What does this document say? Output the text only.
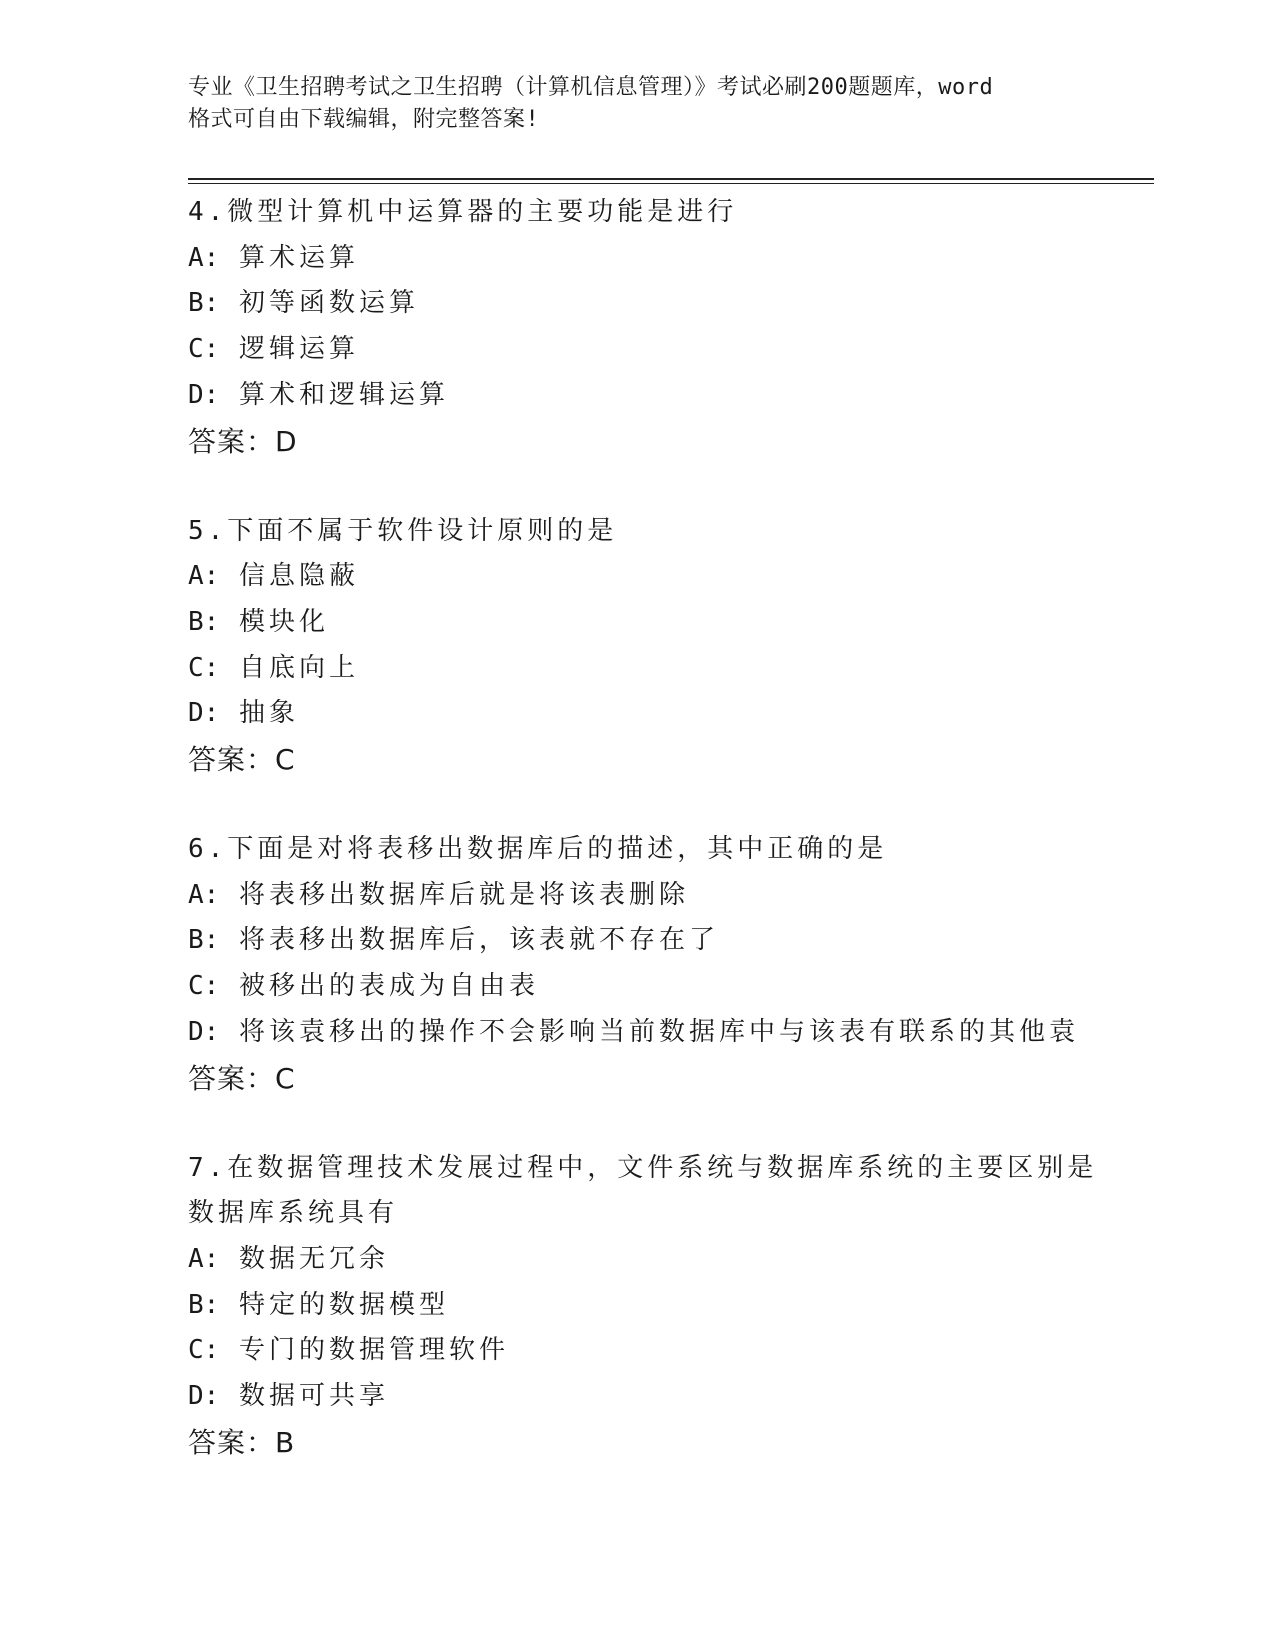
专业《卫生招聘考试之卫生招聘（计算机信息管理）》考试必刷200题题库，word
格式可自由下载编辑，附完整答案!
4.微型计算机中运算器的主要功能是进行
A: 算术运算
B: 初等函数运算
C: 逻辑运算
D: 算术和逻辑运算
答案：D
5.下面不属于软件设计原则的是
A: 信息隐蔽
B: 模块化
C: 自底向上
D: 抽象
答案：C
6.下面是对将表移出数据库后的描述，其中正确的是
A: 将表移出数据库后就是将该表删除
B: 将表移出数据库后，该表就不存在了
C: 被移出的表成为自由表
D: 将该袁移出的操作不会影响当前数据库中与该表有联系的其他袁
答案：C
7.在数据管理技术发展过程中，文件系统与数据库系统的主要区别是
数据库系统具有
A: 数据无冗余
B: 特定的数据模型
C: 专门的数据管理软件
D: 数据可共享
答案：B
